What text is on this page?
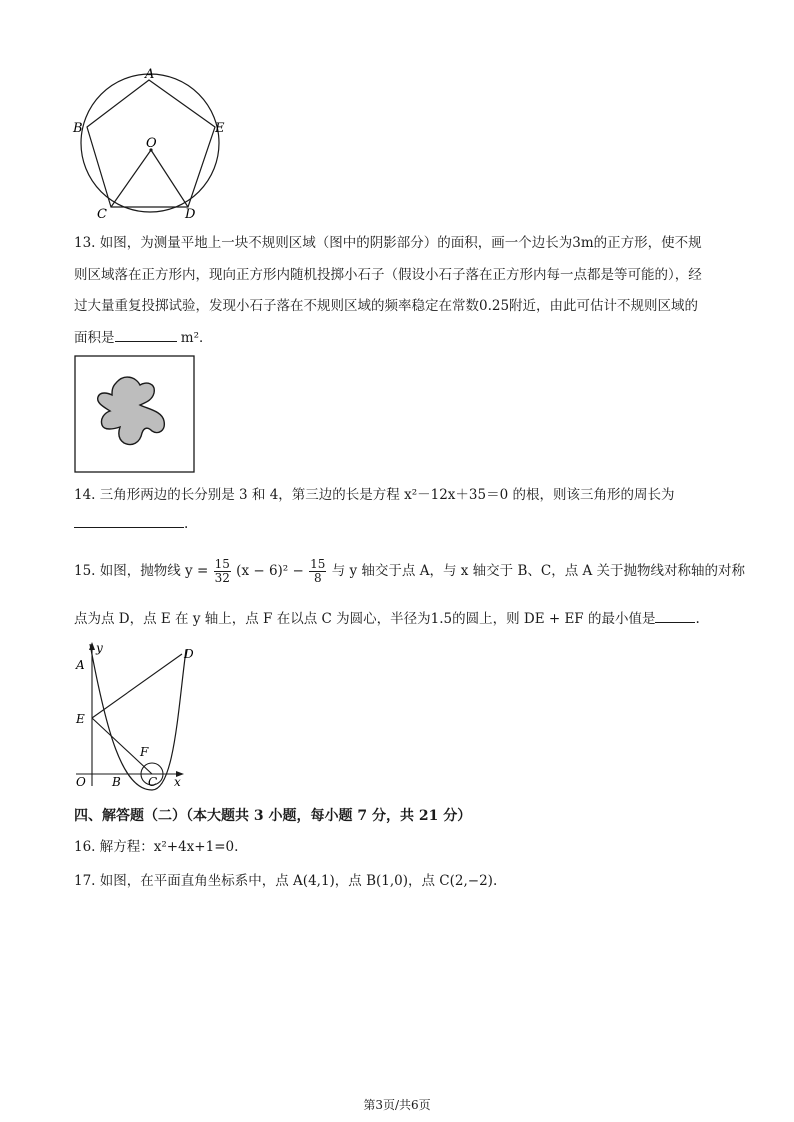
A
B	E
O
C	D
13. 如图，为测量平地上一块不规则区域（图中的阴影部分）的面积，画一个边长为3m的正方形，使不规
则区域落在正方形内，现向正方形内随机投掷小石子（假设小石子落在正方形内每一点都是等可能的），经
过大量重复投掷试验，发现小石子落在不规则区域的频率稳定在常数0.25附近，由此可估计不规则区域的
面积是	m²．
14. 三角形两边的长分别是 3 和 4，第三边的长是方程 x²－12x＋35＝0 的根，则该三角形的周长为
.
15. 如图，抛物线 $y = \frac{15}{32} (x - 6)^2 - \frac{15}{8}$ 与 y 轴交于点 A，与 x 轴交于 B、C，点 A 关于抛物线对称轴的对称
点为点 D，点 E 在 y 轴上，点 F 在以点 C 为圆心，半径为1.5的圆上，则 DE + EF 的最小值是	.
y
A
D
E
F
O B C x
四、解答题（二）（本大题共 3 小题，每小题 7 分，共 21 分）
16. 解方程：x²+4x+1=0.
17. 如图，在平面直角坐标系中，点 A(4,1)，点 B(1,0)，点 C(2,−2).
第3页/共6页
